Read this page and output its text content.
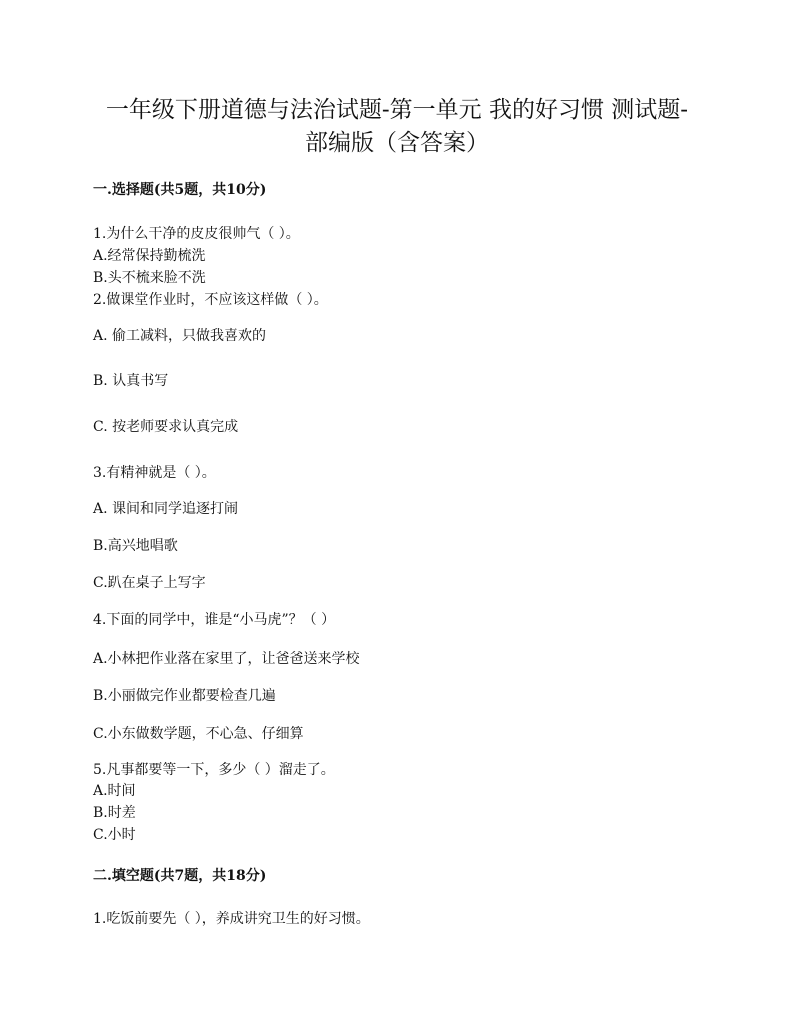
一年级下册道德与法治试题-第一单元 我的好习惯 测试题-
部编版（含答案）
一.选择题(共5题，共10分)

1.为什么干净的皮皮很帅气（ ）。

A.经常保持勤梳洗

B.头不梳来脸不洗

2.做课堂作业时，不应该这样做（ ）。

A. 偷工减料，只做我喜欢的

B. 认真书写

C. 按老师要求认真完成

3.有精神就是（ ）。

A. 课间和同学追逐打闹

B.高兴地唱歌

C.趴在桌子上写字

4.下面的同学中，谁是“小马虎”？（ ）

A.小林把作业落在家里了，让爸爸送来学校

B.小丽做完作业都要检查几遍

C.小东做数学题，不心急、仔细算

5.凡事都要等一下，多少（ ）溜走了。

A.时间

B.时差

C.小时

二.填空题(共7题，共18分)

1.吃饭前要先（ ），养成讲究卫生的好习惯。
